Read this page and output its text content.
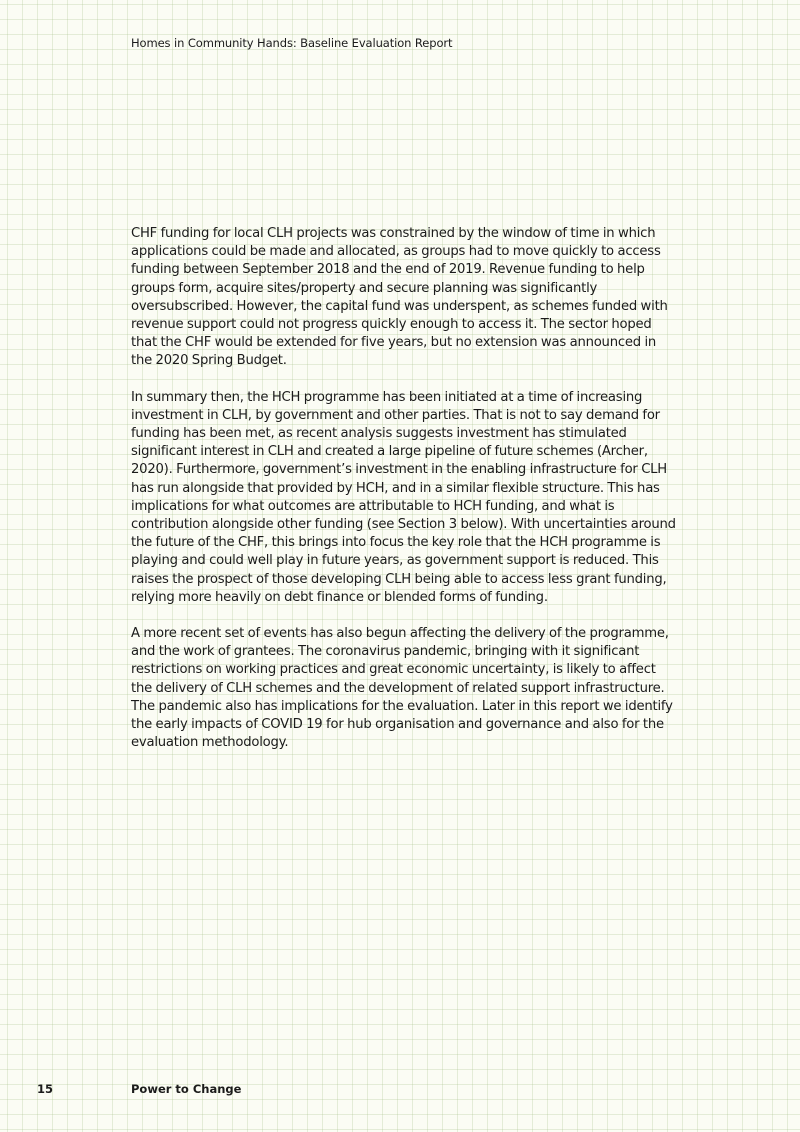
Homes in Community Hands: Baseline Evaluation Report

CHF funding for local CLH projects was constrained by the window of time in which applications could be made and allocated, as groups had to move quickly to access funding between September 2018 and the end of 2019. Revenue funding to help groups form, acquire sites/property and secure planning was significantly oversubscribed. However, the capital fund was underspent, as schemes funded with revenue support could not progress quickly enough to access it. The sector hoped that the CHF would be extended for five years, but no extension was announced in the 2020 Spring Budget.

In summary then, the HCH programme has been initiated at a time of increasing investment in CLH, by government and other parties. That is not to say demand for funding has been met, as recent analysis suggests investment has stimulated significant interest in CLH and created a large pipeline of future schemes (Archer, 2020). Furthermore, government’s investment in the enabling infrastructure for CLH has run alongside that provided by HCH, and in a similar flexible structure. This has implications for what outcomes are attributable to HCH funding, and what is contribution alongside other funding (see Section 3 below). With uncertainties around the future of the CHF, this brings into focus the key role that the HCH programme is playing and could well play in future years, as government support is reduced. This raises the prospect of those developing CLH being able to access less grant funding, relying more heavily on debt finance or blended forms of funding.

A more recent set of events has also begun affecting the delivery of the programme, and the work of grantees. The coronavirus pandemic, bringing with it significant restrictions on working practices and great economic uncertainty, is likely to affect the delivery of CLH schemes and the development of related support infrastructure. The pandemic also has implications for the evaluation. Later in this report we identify the early impacts of COVID 19 for hub organisation and governance and also for the evaluation methodology.

15	Power to Change
